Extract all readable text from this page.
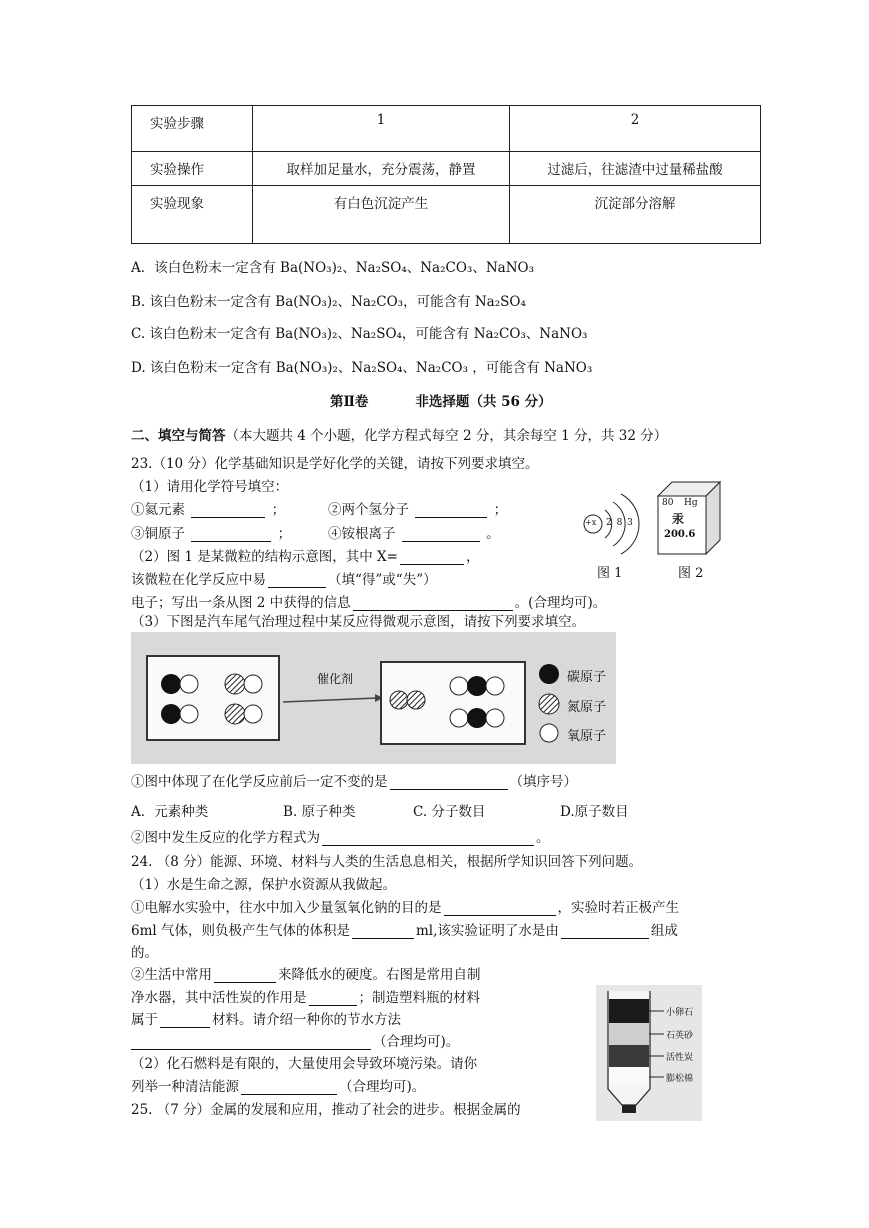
实验步骤	1	2
实验操作	取样加足量水，充分震荡，静置	过滤后，往滤渣中过量稀盐酸
实验现象	有白色沉淀产生	沉淀部分溶解
A．该白色粉末一定含有 Ba(NO₃)₂、Na₂SO₄、Na₂CO₃、NaNO₃
B. 该白色粉末一定含有 Ba(NO₃)₂、Na₂CO₃，可能含有 Na₂SO₄
C. 该白色粉末一定含有 Ba(NO₃)₂、Na₂SO₄，可能含有 Na₂CO₃、NaNO₃
D. 该白色粉末一定含有 Ba(NO₃)₂、Na₂SO₄、Na₂CO₃ ，可能含有 NaNO₃
第Ⅱ卷          非选择题（共 56 分）
二、填空与简答（本大题共 4 个小题，化学方程式每空 2 分，其余每空 1 分，共 32 分）
23.（10 分）化学基础知识是学好化学的关键，请按下列要求填空。
（1）请用化学符号填空：
①氦元素	；	②两个氢分子	；
③铜原子	；	④铵根离子	。
（2）图 1 是某微粒的结构示意图，其中 X=	，
该微粒在化学反应中易	（填“得”或“失”）
电子；写出一条从图 2 中获得的信息	。(合理均可)。
+x 2 8 3
图 1
80 Hg
汞
200.6
图 2
（3）下图是汽车尾气治理过程中某反应得微观示意图，请按下列要求填空。
催化剂	碳原子
氮原子
氧原子
①图中体现了在化学反应前后一定不变的是	（填序号）
A．元素种类	B. 原子种类	C. 分子数目	D.原子数目
②图中发生反应的化学方程式为	。
24. （8 分）能源、环境、材料与人类的生活息息相关，根据所学知识回答下列问题。
（1）水是生命之源，保护水资源从我做起。
①电解水实验中，往水中加入少量氢氧化钠的目的是	，实验时若正极产生
6ml 气体，则负极产生气体的体积是	ml,该实验证明了水是由	组成
的。
②生活中常用	来降低水的硬度。右图是常用自制
净水器，其中活性炭的作用是	；制造塑料瓶的材料
属于	材料。请介绍一种你的节水方法
（合理均可)。
（2）化石燃料是有限的，大量使用会导致环境污染。请你
列举一种清洁能源	（合理均可)。
小卵石
石英砂
活性炭
膨松棉
25. （7 分）金属的发展和应用，推动了社会的进步。根据金属的
